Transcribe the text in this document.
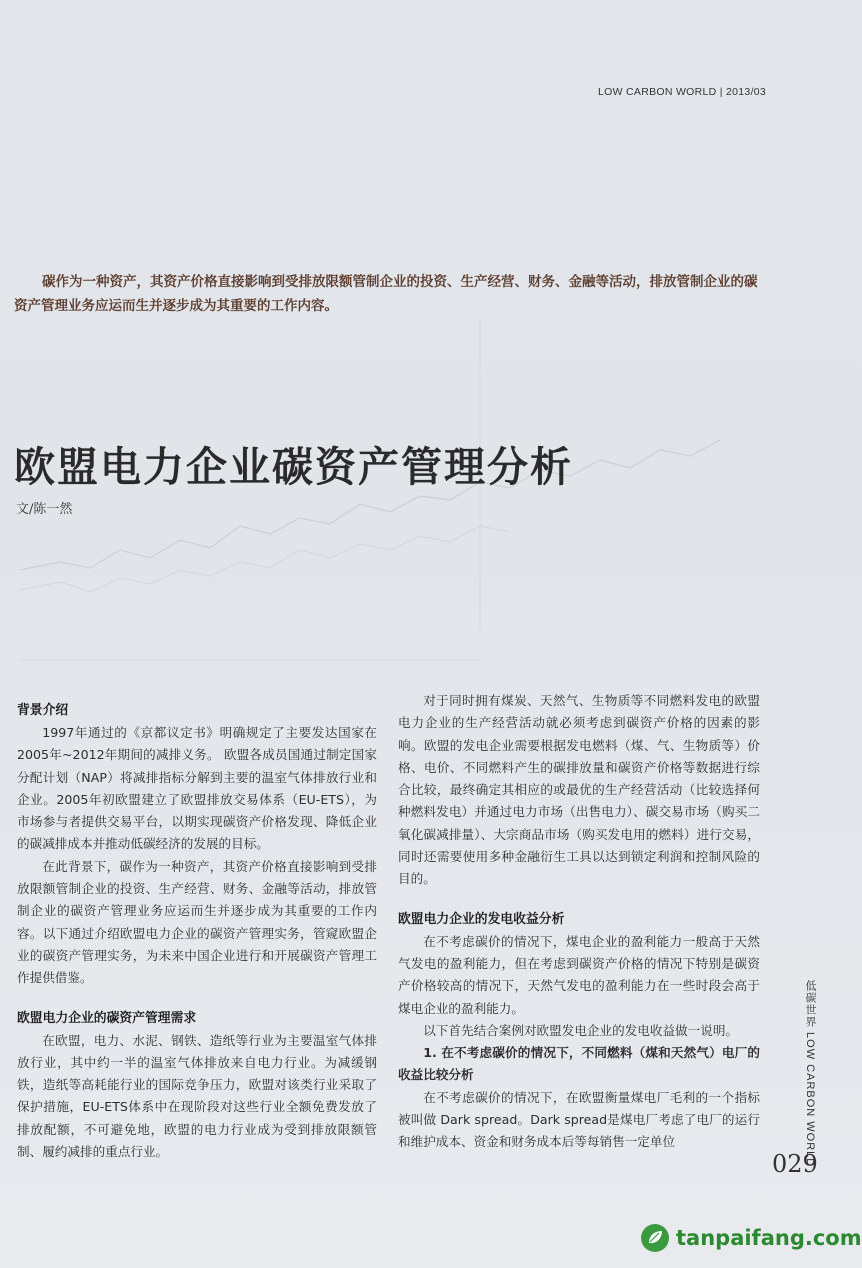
LOW CARBON WORLD | 2013/03

碳作为一种资产，其资产价格直接影响到受排放限额管制企业的投资、生产经营、财务、金融等活动，排放管制企业的碳资产管理业务应运而生并逐步成为其重要的工作内容。

欧盟电力企业碳资产管理分析
文/陈一然
背景介绍

1997年通过的《京都议定书》明确规定了主要发达国家在2005年~2012年期间的减排义务。 欧盟各成员国通过制定国家分配计划（NAP）将减排指标分解到主要的温室气体排放行业和企业。2005年初欧盟建立了欧盟排放交易体系（EU-ETS），为市场参与者提供交易平台，以期实现碳资产价格发现、降低企业的碳减排成本并推动低碳经济的发展的目标。

在此背景下，碳作为一种资产，其资产价格直接影响到受排放限额管制企业的投资、生产经营、财务、金融等活动，排放管制企业的碳资产管理业务应运而生并逐步成为其重要的工作内容。以下通过介绍欧盟电力企业的碳资产管理实务，管窥欧盟企业的碳资产管理实务，为未来中国企业进行和开展碳资产管理工作提供借鉴。

欧盟电力企业的碳资产管理需求

在欧盟，电力、水泥、钢铁、造纸等行业为主要温室气体排放行业，其中约一半的温室气体排放来自电力行业。为减缓钢铁，造纸等高耗能行业的国际竞争压力，欧盟对该类行业采取了保护措施，EU-ETS体系中在现阶段对这些行业全额免费发放了排放配额，不可避免地，欧盟的电力行业成为受到排放限额管制、履约减排的重点行业。

对于同时拥有煤炭、天然气、生物质等不同燃料发电的欧盟电力企业的生产经营活动就必须考虑到碳资产价格的因素的影响。欧盟的发电企业需要根据发电燃料（煤、气、生物质等）价格、电价、不同燃料产生的碳排放量和碳资产价格等数据进行综合比较，最终确定其相应的或最优的生产经营活动（比较选择何种燃料发电）并通过电力市场（出售电力）、碳交易市场（购买二氧化碳减排量）、大宗商品市场（购买发电用的燃料）进行交易，同时还需要使用多种金融衍生工具以达到锁定利润和控制风险的目的。

欧盟电力企业的发电收益分析

在不考虑碳价的情况下，煤电企业的盈利能力一般高于天然气发电的盈利能力，但在考虑到碳资产价格的情况下特别是碳资产价格较高的情况下，天然气发电的盈利能力在一些时段会高于煤电企业的盈利能力。

以下首先结合案例对欧盟发电企业的发电收益做一说明。

1. 在不考虑碳价的情况下，不同燃料（煤和天然气）电厂的收益比较分析

在不考虑碳价的情况下，在欧盟衡量煤电厂毛利的一个指标被叫做 Dark spread。Dark spread是煤电厂考虑了电厂的运行和维护成本、资金和财务成本后等每销售一定单位	低碳世界 LOW CARBON WORLD
029
tanpaifang.com
